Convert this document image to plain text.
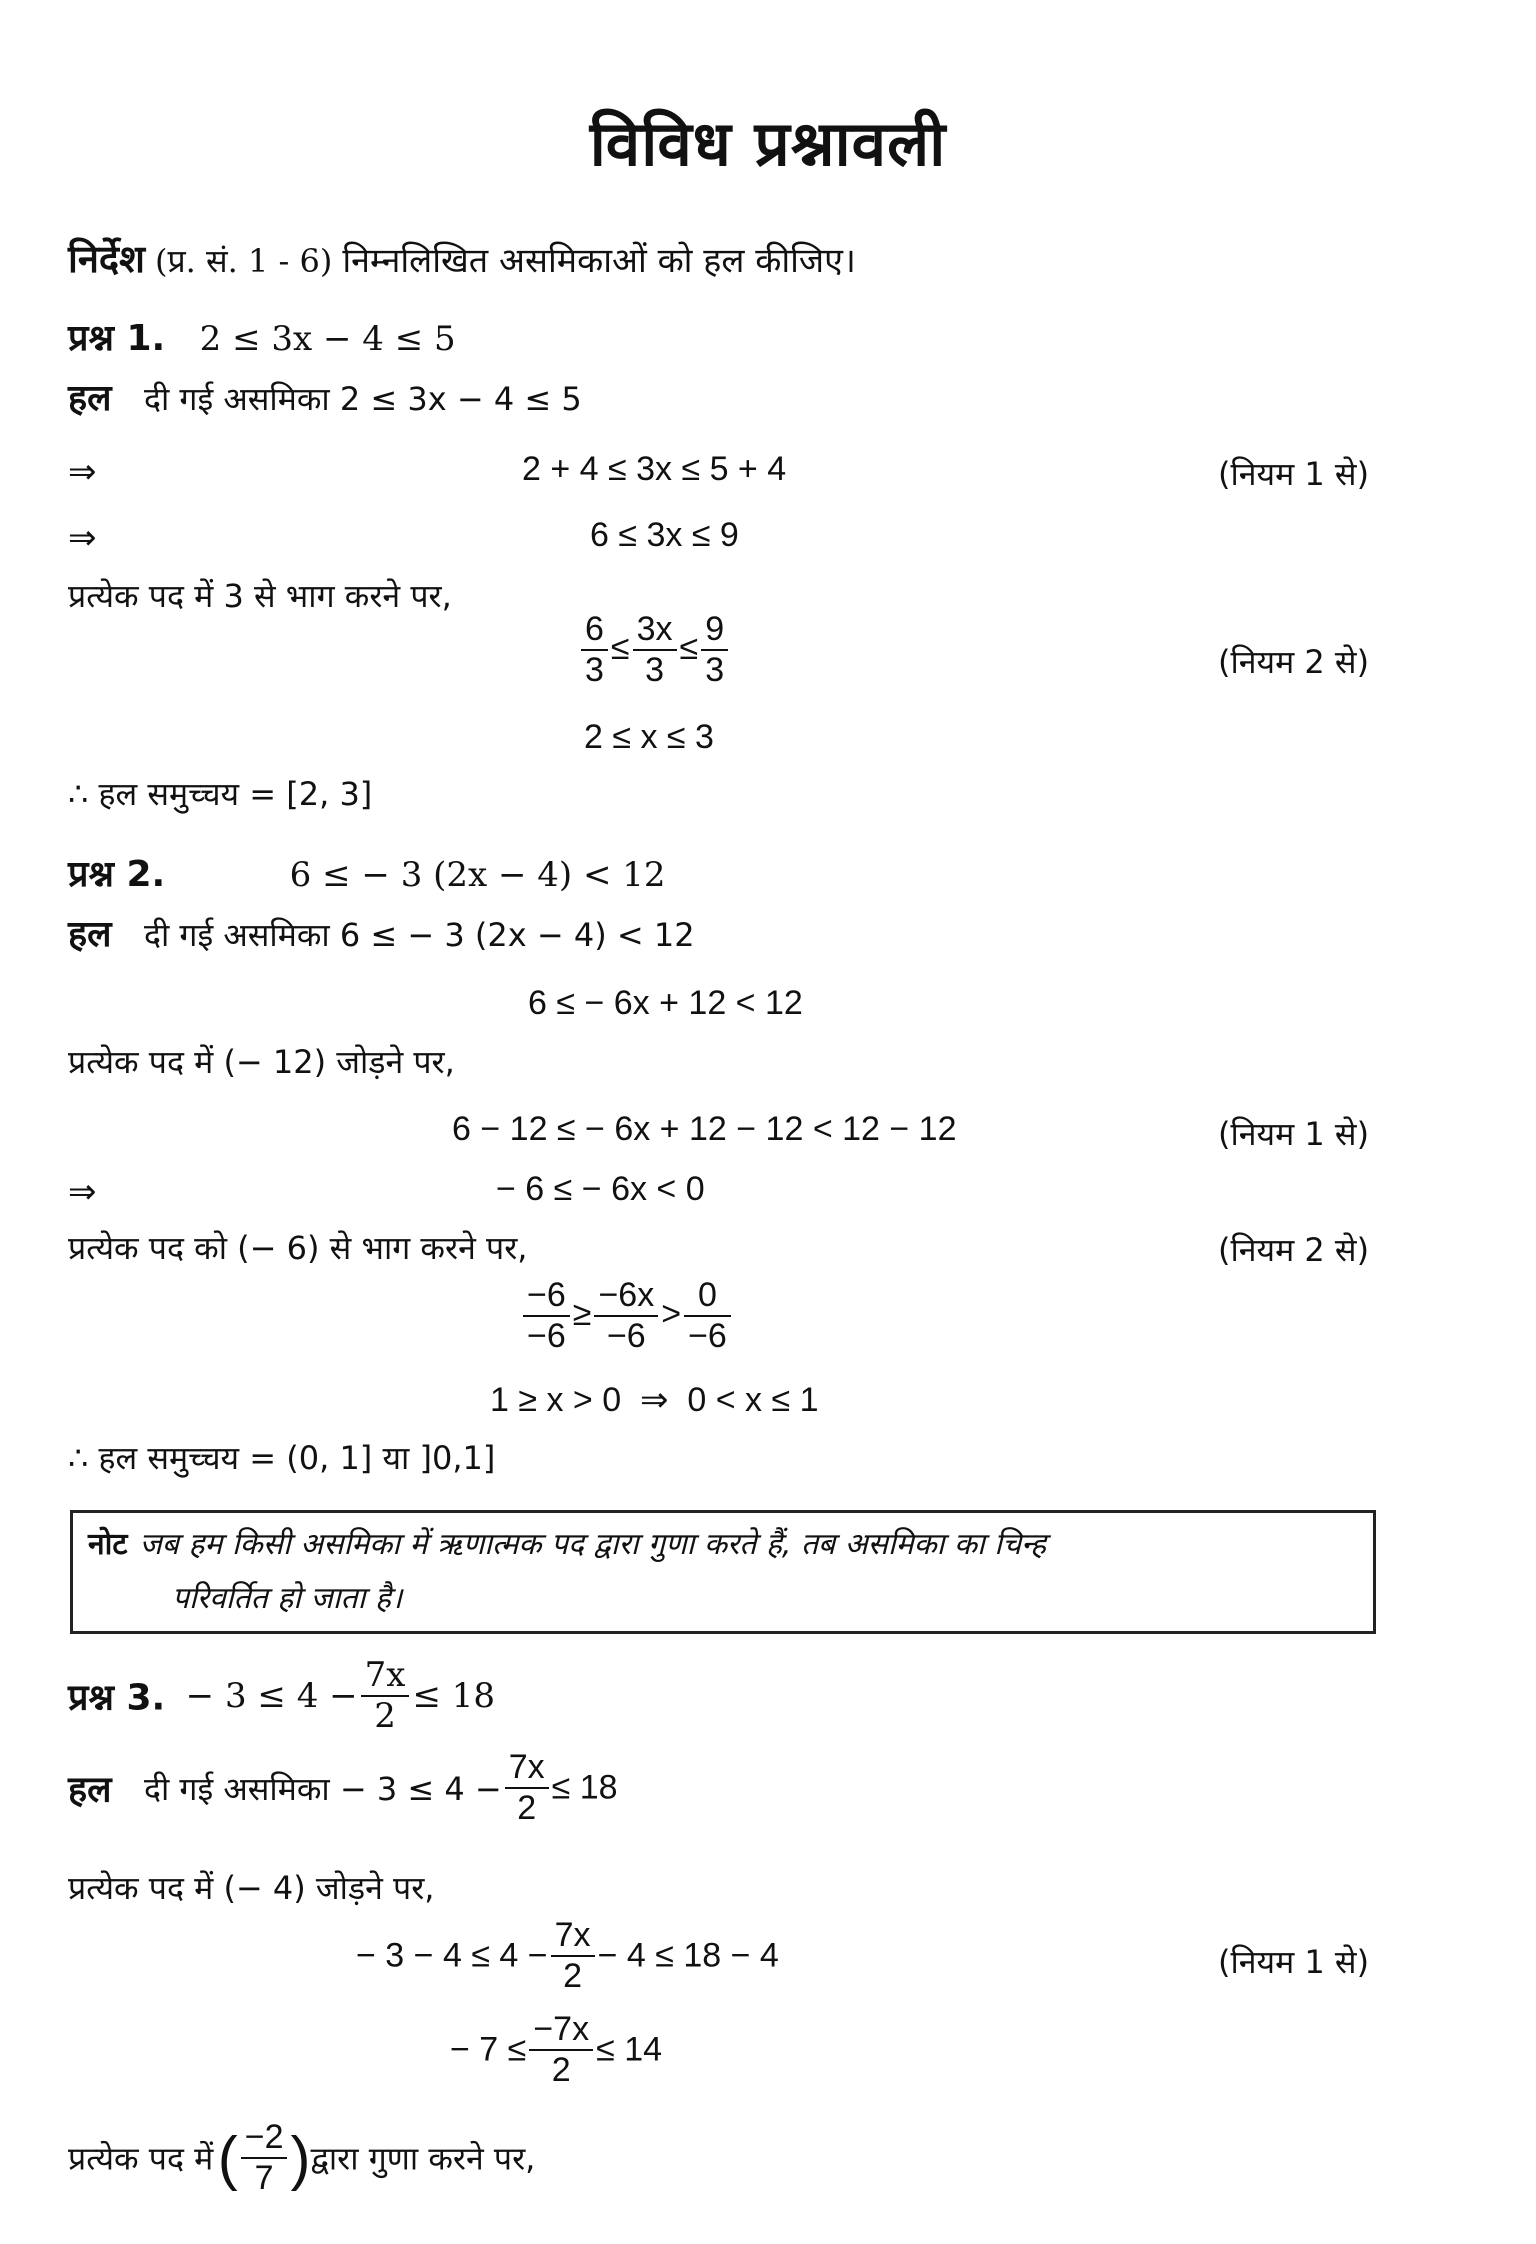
विविध प्रश्नावली
निर्देश (प्र. सं. 1 - 6) निम्नलिखित असमिकाओं को हल कीजिए।
प्रश्न 1. 2 ≤ 3x − 4 ≤ 5
हल दी गई असमिका 2 ≤ 3x − 4 ≤ 5
⇒	2 + 4 ≤ 3x ≤ 5 + 4	(नियम 1 से)
⇒	6 ≤ 3x ≤ 9
प्रत्येक पद में 3 से भाग करने पर,
$\frac{6}{3} \le \frac{3x}{3} \le \frac{9}{3}$	(नियम 2 से)
2 ≤ x ≤ 3
∴ हल समुच्चय = [2, 3]
प्रश्न 2.	6 ≤ − 3 (2x − 4) < 12
हल दी गई असमिका 6 ≤ − 3 (2x − 4) < 12
6 ≤ − 6x + 12 < 12
प्रत्येक पद में (− 12) जोड़ने पर,
6 − 12 ≤ − 6x + 12 − 12 < 12 − 12	(नियम 1 से)
⇒	− 6 ≤ − 6x < 0
प्रत्येक पद को (− 6) से भाग करने पर,	(नियम 2 से)
$\frac{-6}{-6} \ge \frac{-6x}{-6} > \frac{0}{-6}$
1 ≥ x > 0  ⇒  0 < x ≤ 1
∴ हल समुच्चय = (0, 1] या ]0,1]
नोट जब हम किसी असमिका में ऋणात्मक पद द्वारा गुणा करते हैं, तब असमिका का चिन्ह
परिवर्तित हो जाता है।
प्रश्न 3. − $3 \le 4 - \frac{7x}{2} \le 18$
हल दी गई असमिका − $3 \le 4 - \frac{7x}{2} \le 18$
प्रत्येक पद में (− 4) जोड़ने पर,
− $3 - 4 \le 4 - \frac{7x}{2} - 4 \le 18 - 4$	(नियम 1 से)
− $7 \le \frac{-7x}{2} \le 14$
प्रत्येक पद में ( $\frac{-2}{7}$ )द्वारा गुणा करने पर,
